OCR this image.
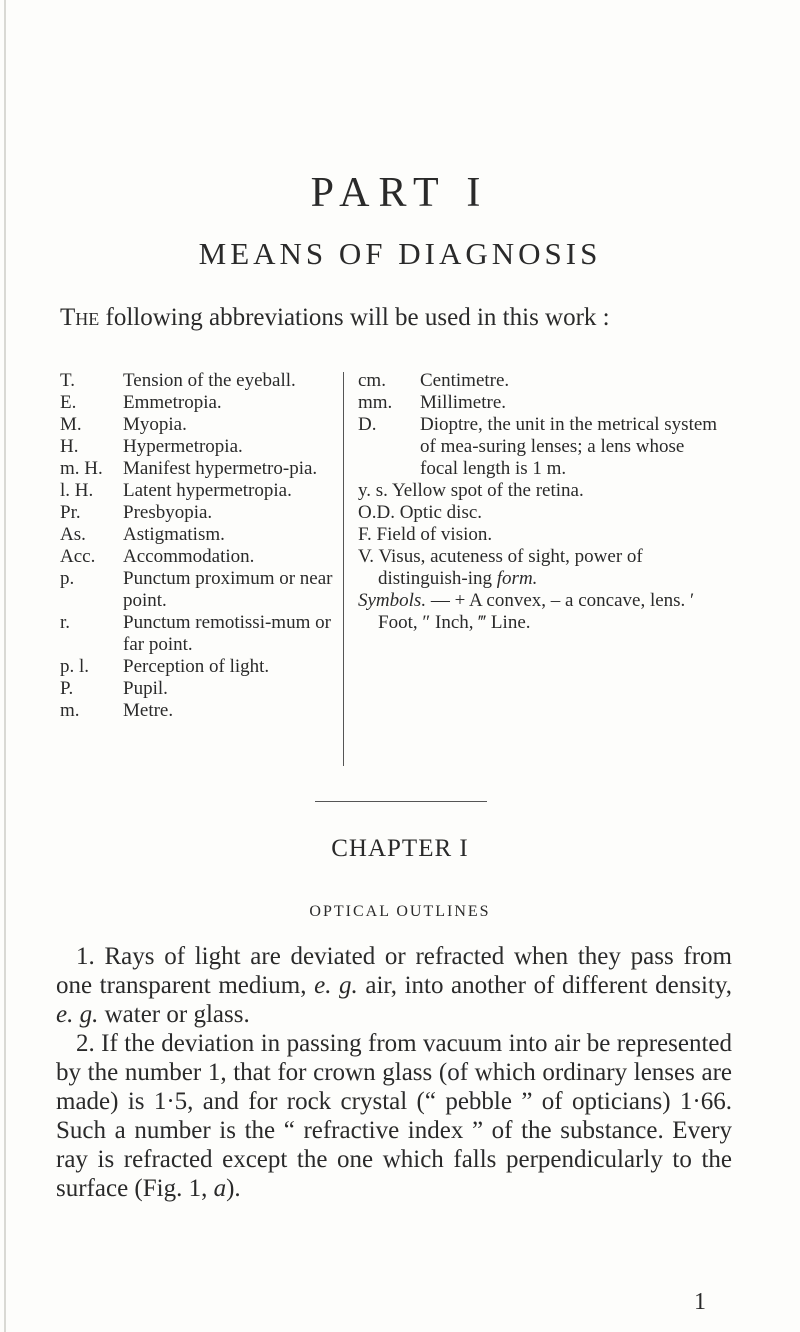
PART I
MEANS OF DIAGNOSIS
The following abbreviations will be used in this work :
T.	Tension of the eyeball.
E.	Emmetropia.
M.	Myopia.
H.	Hypermetropia.
m. H.	Manifest hypermetro-pia.
l. H.	Latent hypermetropia.
Pr.	Presbyopia.
As.	Astigmatism.
Acc.	Accommodation.
p.	Punctum proximum or near point.
r.	Punctum remotissi-mum or far point.
p. l.	Perception of light.
P.	Pupil.
m.	Metre.
cm.	Centimetre.
mm.	Millimetre.
D.	Dioptre, the unit in the metrical system of mea-suring lenses; a lens whose focal length is 1 m.
y. s. Yellow spot of the retina.
O.D. Optic disc.
F. Field of vision.
V. Visus, acuteness of sight, power of distinguish-ing form.
Symbols. — + A convex, – a concave, lens. ′ Foot, ″ Inch, ‴ Line.
CHAPTER I
OPTICAL OUTLINES

1. Rays of light are deviated or refracted when they pass from one transparent medium, e. g. air, into another of different density, e. g. water or glass.

2. If the deviation in passing from vacuum into air be represented by the number 1, that for crown glass (of which ordinary lenses are made) is 1·5, and for rock crystal (“ pebble ” of opticians) 1·66. Such a number is the “ refractive index ” of the substance. Every ray is refracted except the one which falls perpendicularly to the surface (Fig. 1, a).

1
